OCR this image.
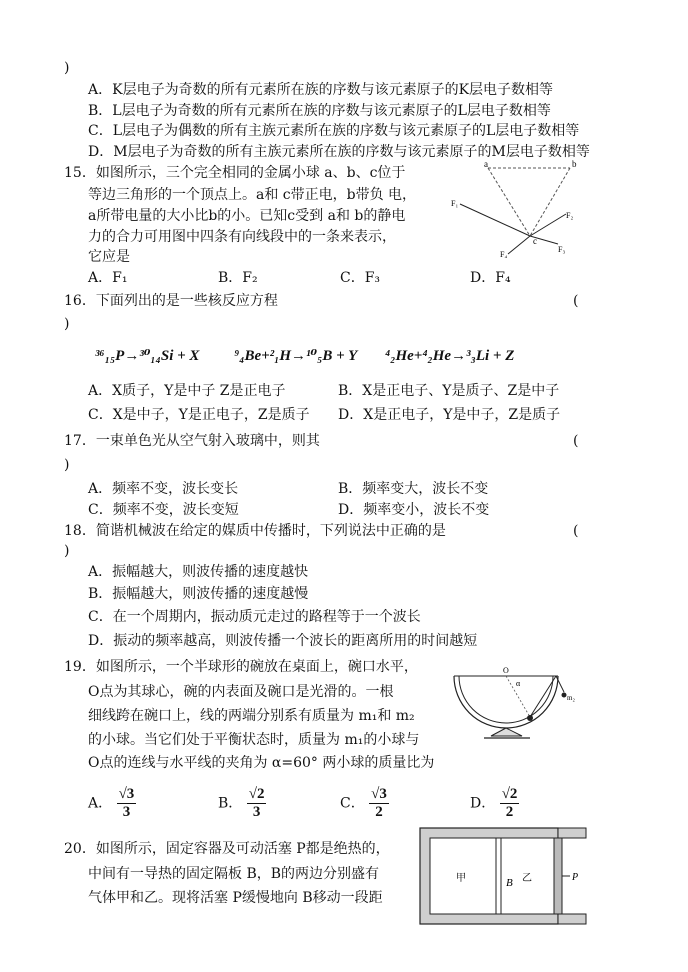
)
A．K层电子为奇数的所有元素所在族的序数与该元素原子的K层电子数相等
B．L层电子为奇数的所有元素所在族的序数与该元素原子的L层电子数相等
C．L层电子为偶数的所有主族元素所在族的序数与该元素原子的L层电子数相等
D．M层电子为奇数的所有主族元素所在族的序数与该元素原子的M层电子数相等
15．如图所示，三个完全相同的金属小球 a、b、c位于
等边三角形的一个顶点上。a和 c带正电，b带负 电，
a所带电量的大小比b的小。已知c受到 a和 b的静电
力的合力可用图中四条有向线段中的一条来表示，
它应是
A．F₁	B．F₂	C．F₃	D．F₄
a	b
c
F₁
F₂
F₃
F₄
16．下面列出的是一些核反应方程	(
)
³⁶₁₅P→³⁰₁₄Si + X ⁹₄Be+²₁H→¹⁰₅B + Y ⁴₂He+⁴₂He→³₃Li + Z
A．X质子，Y是中子 Z是正电子	B．X是正电子、Y是质子、Z是中子
C．X是中子，Y是正电子，Z是质子 D．X是正电子，Y是中子，Z是质子
17．一束单色光从空气射入玻璃中，则其	(
)
A．频率不变，波长变长	B．频率变大，波长不变
C．频率不变，波长变短	D．频率变小，波长不变
18．简谐机械波在给定的媒质中传播时，下列说法中正确的是	(
)
A．振幅越大，则波传播的速度越快
B．振幅越大，则波传播的速度越慢
C．在一个周期内，振动质元走过的路程等于一个波长
D．振动的频率越高，则波传播一个波长的距离所用的时间越短
19．如图所示，一个半球形的碗放在桌面上，碗口水平，
O点为其球心，碗的内表面及碗口是光滑的。一根
细线跨在碗口上，线的两端分别系有质量为 m₁和 m₂
的小球。当它们处于平衡状态时，质量为 m₁的小球与
O点的连线与水平线的夹角为 α=60° 两小球的质量比为
A． $\frac{√3}{3}$	B． $\frac{√2}{3}$	C． $\frac{√3}{2}$	D． $\frac{√2}{2}$
O
α
m₂
20．如图所示，固定容器及可动活塞 P都是绝热的，
中间有一导热的固定隔板 B，B的两边分别盛有
气体甲和乙。现将活塞 P缓慢地向 B移动一段距
甲	B 乙	P
